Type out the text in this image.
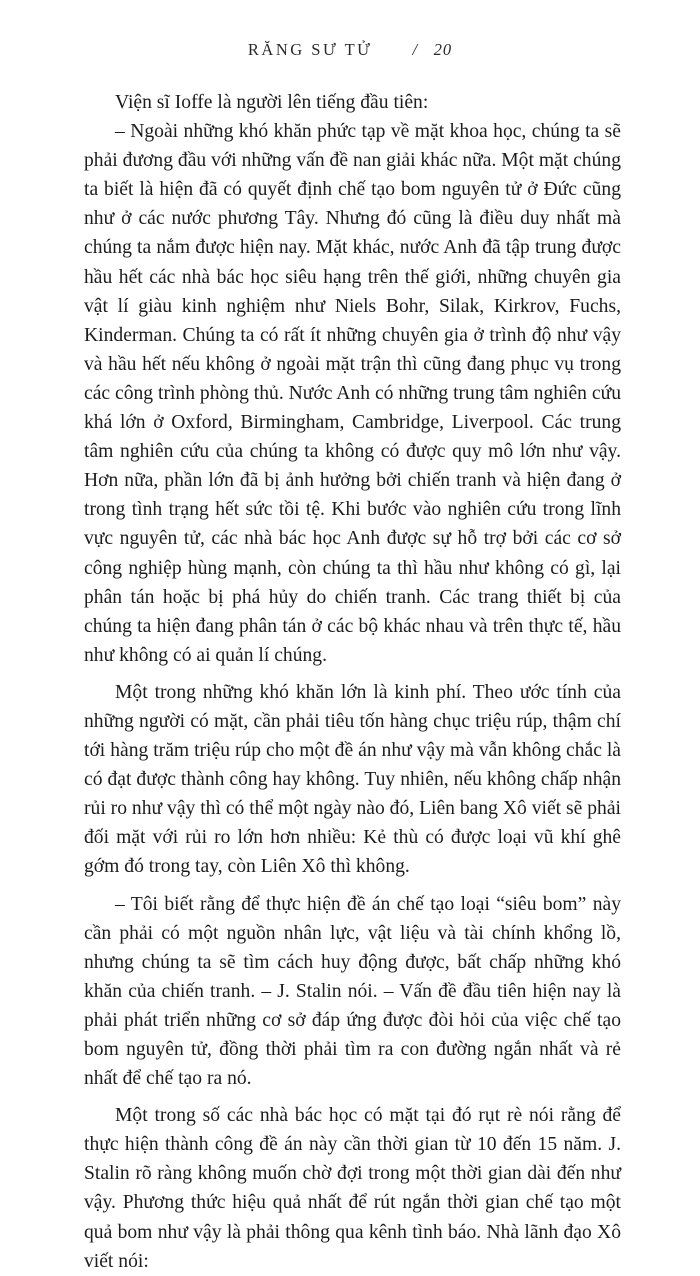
RĂNG SƯ TỬ / 20

Viện sĩ Ioffe là người lên tiếng đầu tiên:

– Ngoài những khó khăn phức tạp về mặt khoa học, chúng ta sẽ phải đương đầu với những vấn đề nan giải khác nữa. Một mặt chúng ta biết là hiện đã có quyết định chế tạo bom nguyên tử ở Đức cũng như ở các nước phương Tây. Nhưng đó cũng là điều duy nhất mà chúng ta nắm được hiện nay. Mặt khác, nước Anh đã tập trung được hầu hết các nhà bác học siêu hạng trên thế giới, những chuyên gia vật lí giàu kinh nghiệm như Niels Bohr, Silak, Kirkrov, Fuchs, Kinderman. Chúng ta có rất ít những chuyên gia ở trình độ như vậy và hầu hết nếu không ở ngoài mặt trận thì cũng đang phục vụ trong các công trình phòng thủ. Nước Anh có những trung tâm nghiên cứu khá lớn ở Oxford, Birmingham, Cambridge, Liverpool. Các trung tâm nghiên cứu của chúng ta không có được quy mô lớn như vậy. Hơn nữa, phần lớn đã bị ảnh hưởng bởi chiến tranh và hiện đang ở trong tình trạng hết sức tồi tệ. Khi bước vào nghiên cứu trong lĩnh vực nguyên tử, các nhà bác học Anh được sự hỗ trợ bởi các cơ sở công nghiệp hùng mạnh, còn chúng ta thì hầu như không có gì, lại phân tán hoặc bị phá hủy do chiến tranh. Các trang thiết bị của chúng ta hiện đang phân tán ở các bộ khác nhau và trên thực tế, hầu như không có ai quản lí chúng.

Một trong những khó khăn lớn là kinh phí. Theo ước tính của những người có mặt, cần phải tiêu tốn hàng chục triệu rúp, thậm chí tới hàng trăm triệu rúp cho một đề án như vậy mà vẫn không chắc là có đạt được thành công hay không. Tuy nhiên, nếu không chấp nhận rủi ro như vậy thì có thể một ngày nào đó, Liên bang Xô viết sẽ phải đối mặt với rủi ro lớn hơn nhiều: Kẻ thù có được loại vũ khí ghê gớm đó trong tay, còn Liên Xô thì không.

– Tôi biết rằng để thực hiện đề án chế tạo loại “siêu bom” này cần phải có một nguồn nhân lực, vật liệu và tài chính khổng lồ, nhưng chúng ta sẽ tìm cách huy động được, bất chấp những khó khăn của chiến tranh. – J. Stalin nói. – Vấn đề đầu tiên hiện nay là phải phát triển những cơ sở đáp ứng được đòi hỏi của việc chế tạo bom nguyên tử, đồng thời phải tìm ra con đường ngắn nhất và rẻ nhất để chế tạo ra nó.

Một trong số các nhà bác học có mặt tại đó rụt rè nói rằng để thực hiện thành công đề án này cần thời gian từ 10 đến 15 năm. J. Stalin rõ ràng không muốn chờ đợi trong một thời gian dài đến như vậy. Phương thức hiệu quả nhất để rút ngắn thời gian chế tạo một quả bom như vậy là phải thông qua kênh tình báo. Nhà lãnh đạo Xô viết nói:
